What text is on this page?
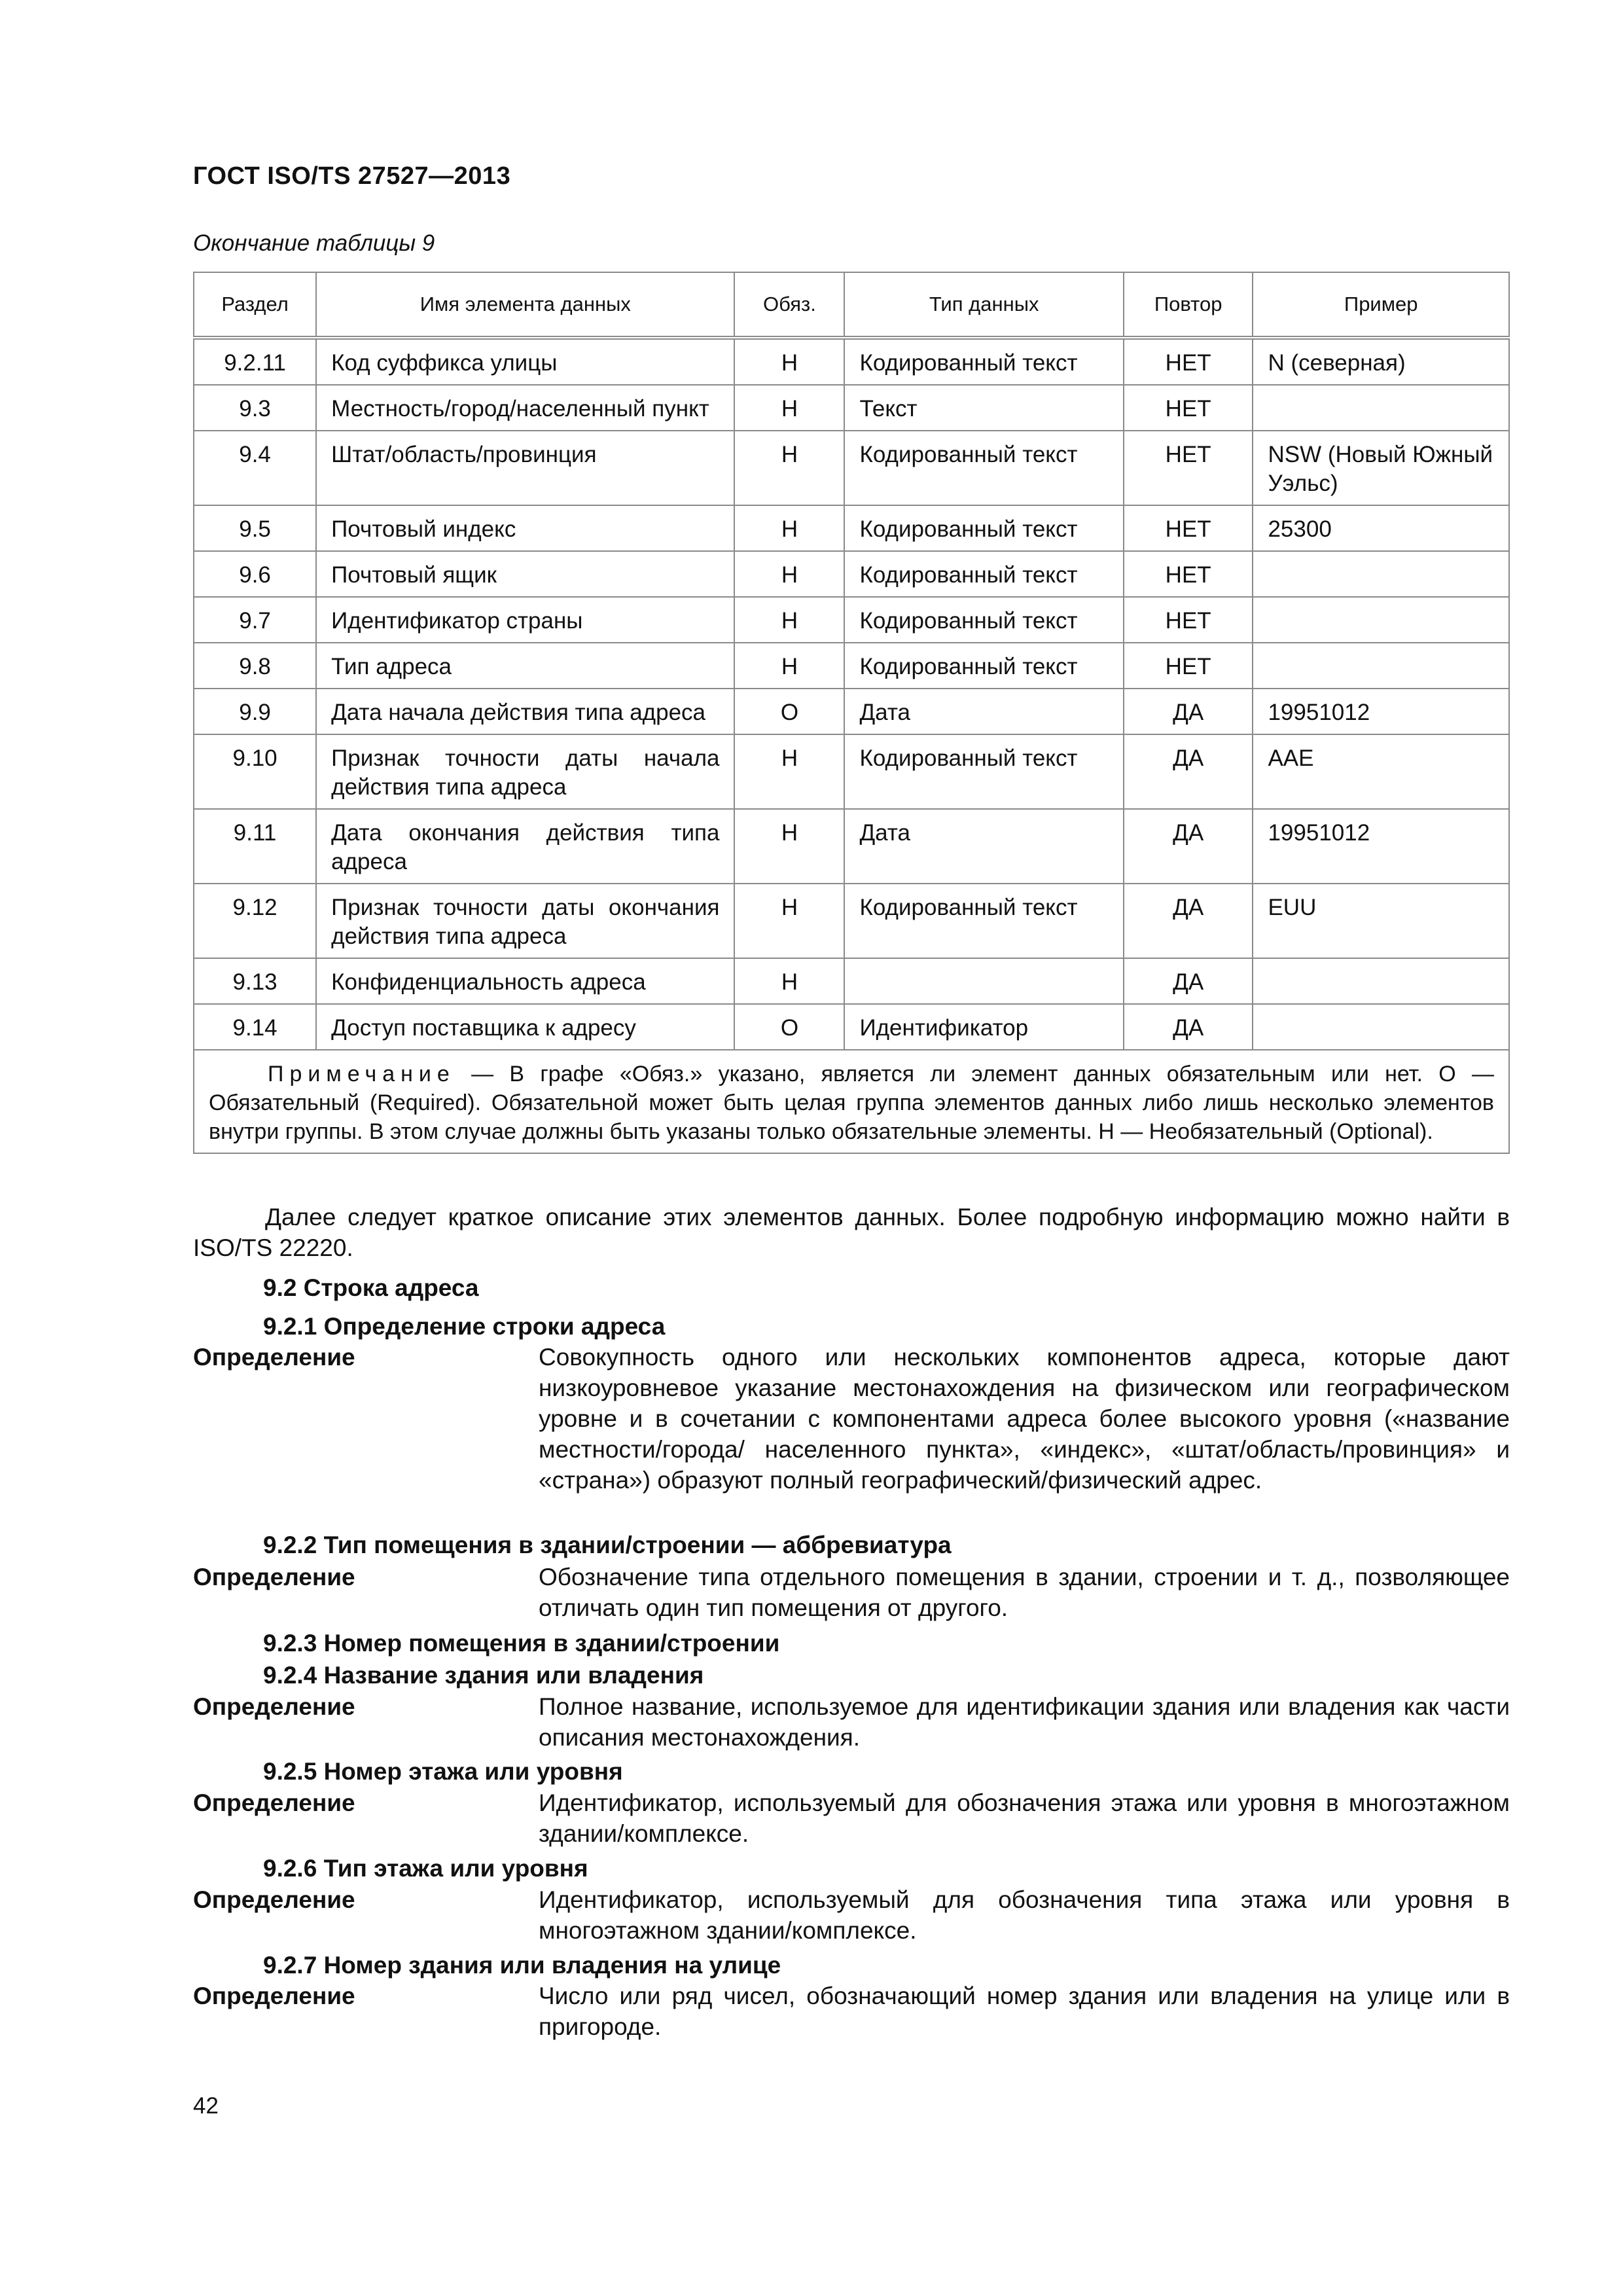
ГОСТ ISO/TS 27527—2013
Окончание таблицы 9
Раздел	Имя элемента данных	Обяз.	Тип данных	Повтор	Пример
9.2.11	Код суффикса улицы	Н	Кодированный текст	НЕТ	N (северная)
9.3	Местность/город/населенный пункт	Н	Текст	НЕТ	
9.4	Штат/область/провинция	Н	Кодированный текст	НЕТ	NSW (Новый Южный Уэльс)
9.5	Почтовый индекс	Н	Кодированный текст	НЕТ	25300
9.6	Почтовый ящик	Н	Кодированный текст	НЕТ	
9.7	Идентификатор страны	Н	Кодированный текст	НЕТ	
9.8	Тип адреса	Н	Кодированный текст	НЕТ	
9.9	Дата начала действия типа адреса	О	Дата	ДА	19951012
9.10	Признак точности даты начала действия типа адреса	Н	Кодированный текст	ДА	AAE
9.11	Дата окончания действия типа адреса	Н	Дата	ДА	19951012
9.12	Признак точности даты окончания действия типа адреса	Н	Кодированный текст	ДА	EUU
9.13	Конфиденциальность адреса	Н		ДА	
9.14	Доступ поставщика к адресу	О	Идентификатор	ДА	
Примечание — В графе «Обяз.» указано, является ли элемент данных обязательным или нет. О — Обязательный (Required). Обязательной может быть целая группа элементов данных либо лишь несколько элементов внутри группы. В этом случае должны быть указаны только обязательные элементы. Н — Необязательный (Optional).					
Далее следует краткое описание этих элементов данных. Более подробную информацию можно найти в ISO/TS 22220.
9.2 Строка адреса
9.2.1 Определение строки адреса
Определение	Совокупность одного или нескольких компонентов адреса, которые дают низкоуровневое указание местонахождения на физическом или географическом уровне и в сочетании с компонентами адреса более высокого уровня («название местности/города/ населенного пункта», «индекс», «штат/область/провинция» и «страна») образуют полный географический/физический адрес.
9.2.2 Тип помещения в здании/строении — аббревиатура
Определение	Обозначение типа отдельного помещения в здании, строении и т. д., позволяющее отличать один тип помещения от другого.
9.2.3 Номер помещения в здании/строении
9.2.4 Название здания или владения
Определение	Полное название, используемое для идентификации здания или владения как части описания местонахождения.
9.2.5 Номер этажа или уровня
Определение	Идентификатор, используемый для обозначения этажа или уровня в многоэтажном здании/комплексе.
9.2.6 Тип этажа или уровня
Определение	Идентификатор, используемый для обозначения типа этажа или уровня в многоэтажном здании/комплексе.
9.2.7 Номер здания или владения на улице
Определение	Число или ряд чисел, обозначающий номер здания или владения на улице или в пригороде.
42
